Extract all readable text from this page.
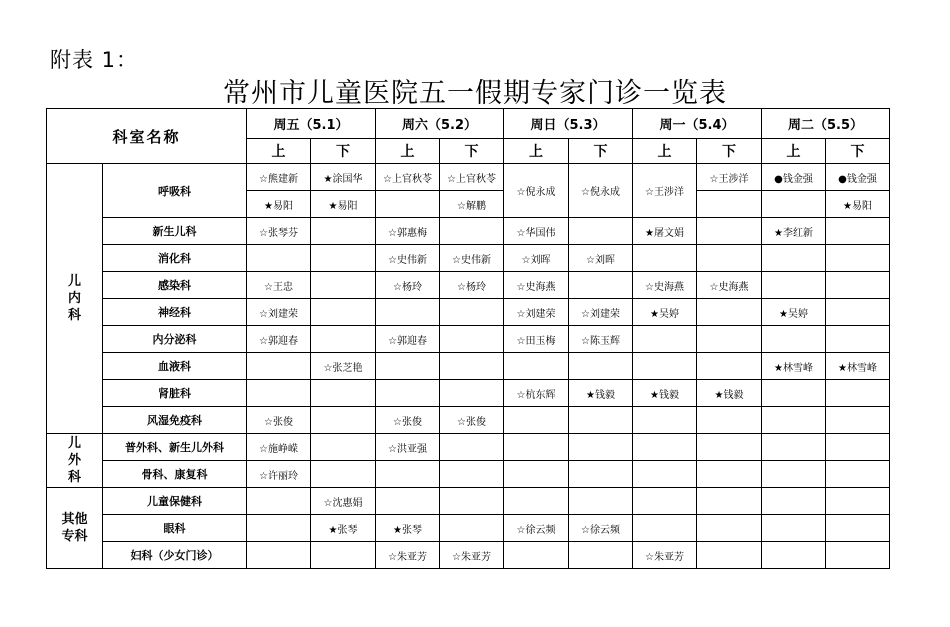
附表 1：
常州市儿童医院五一假期专家门诊一览表
科室名称		周五（5.1）		周六（5.2）		周日（5.3）		周一（5.4）		周二（5.5）	
		上	下	上	下	上	下	上	下	上	下
儿内科	呼吸科	☆熊建新	★涂国华	☆上官秋苓	☆上官秋苓	☆倪永成	☆倪永成	☆王涉洋	☆王涉洋	●钱金强	●钱金强
		★易阳	★易阳		☆解鹏						★易阳
	新生儿科	☆张琴芬		☆郭惠梅		☆华国伟		★屠文娟		★李红新	
	消化科			☆史伟新	☆史伟新	☆刘晖	☆刘晖				
	感染科	☆王忠		☆杨玲	☆杨玲	☆史海燕		☆史海燕	☆史海燕		
	神经科	☆刘建荣				☆刘建荣	☆刘建荣	★吴婷		★吴婷	
	内分泌科	☆郭迎春		☆郭迎春		☆田玉梅	☆陈玉辉				
	血液科		☆张芝艳							★林雪峰	★林雪峰
	肾脏科					☆杭东辉	★钱毅	★钱毅	★钱毅		
	风湿免疫科	☆张俊		☆张俊	☆张俊						
儿外科	普外科、新生儿外科	☆施峥嵘		☆洪亚强							
	骨科、康复科	☆许丽玲									
其他专科	儿童保健科		☆沈惠娟								
	眼科		★张琴	★张琴		☆徐云频	☆徐云频				
	妇科（少女门诊）			☆朱亚芳	☆朱亚芳			☆朱亚芳			
